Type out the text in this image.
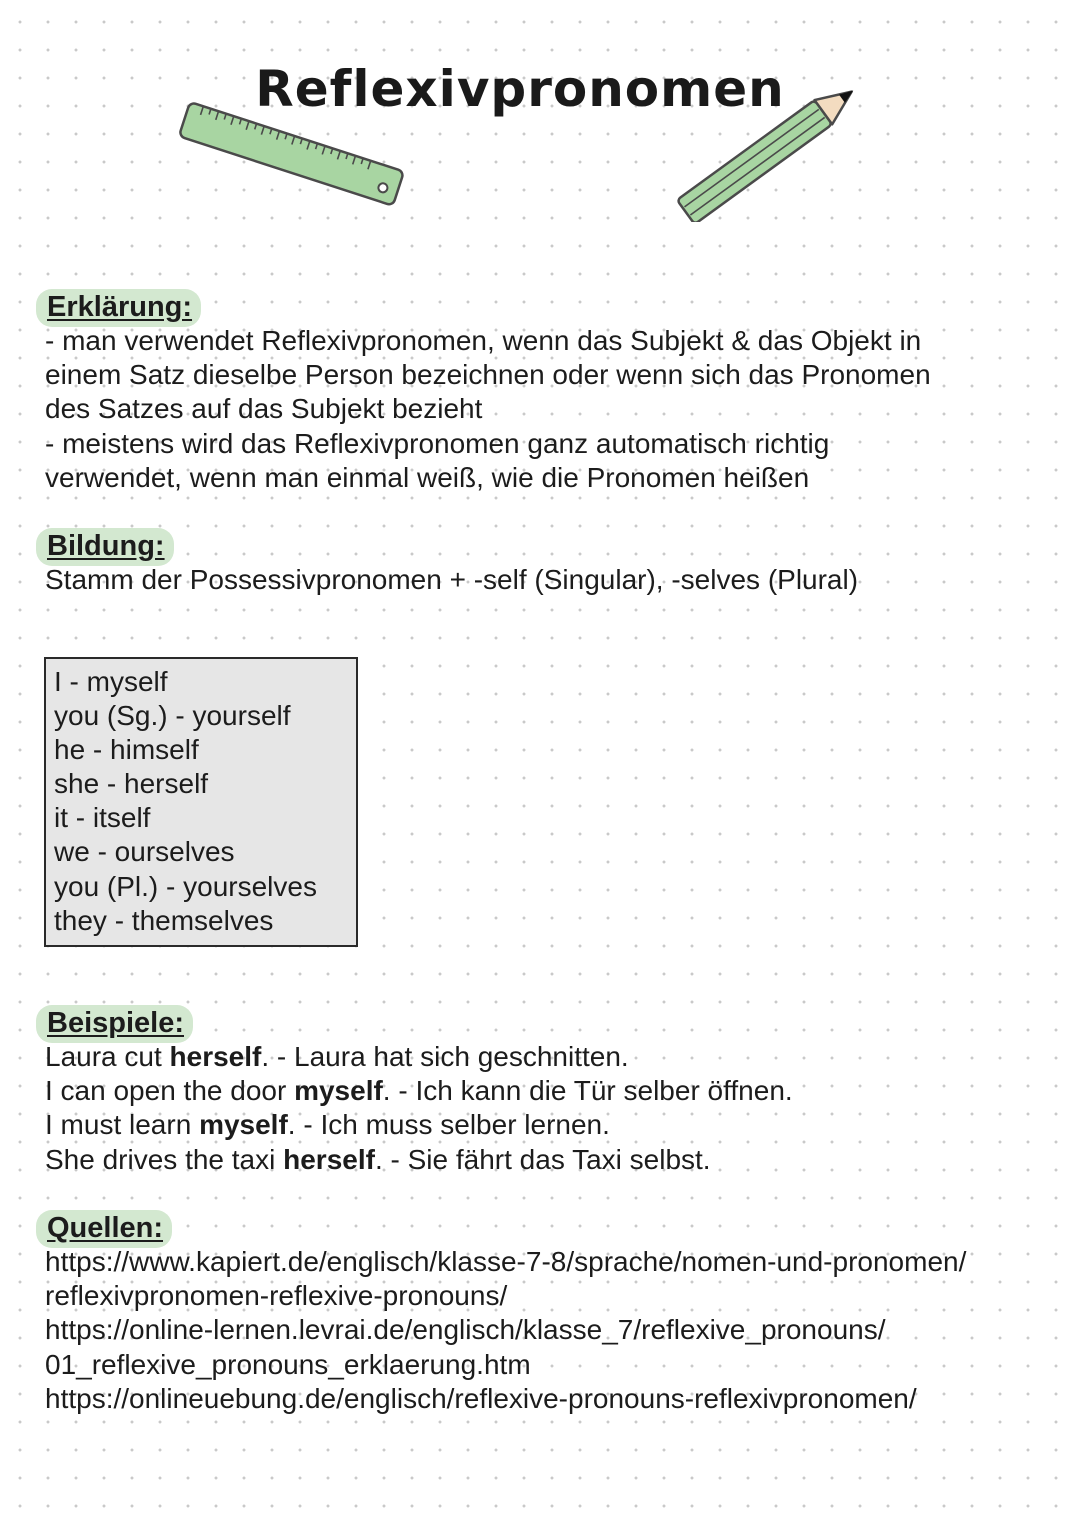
Reflexivpronomen
Erklärung:
- man verwendet Reflexivpronomen, wenn das Subjekt & das Objekt in
einem Satz dieselbe Person bezeichnen oder wenn sich das Pronomen
des Satzes auf das Subjekt bezieht
- meistens wird das Reflexivpronomen ganz automatisch richtig
verwendet, wenn man einmal weiß, wie die Pronomen heißen
Bildung:
Stamm der Possessivpronomen + -self (Singular), -selves (Plural)
I - myself
you (Sg.) - yourself
he - himself
she - herself
it - itself
we - ourselves
you (Pl.) - yourselves
they - themselves
Beispiele:
Laura cut herself. - Laura hat sich geschnitten.
I can open the door myself. - Ich kann die Tür selber öffnen.
I must learn myself. - Ich muss selber lernen.
She drives the taxi herself. - Sie fährt das Taxi selbst.
Quellen:
https://www.kapiert.de/englisch/klasse-7-8/sprache/nomen-und-pronomen/
reflexivpronomen-reflexive-pronouns/
https://online-lernen.levrai.de/englisch/klasse_7/reflexive_pronouns/
01_reflexive_pronouns_erklaerung.htm
https://onlineuebung.de/englisch/reflexive-pronouns-reflexivpronomen/
